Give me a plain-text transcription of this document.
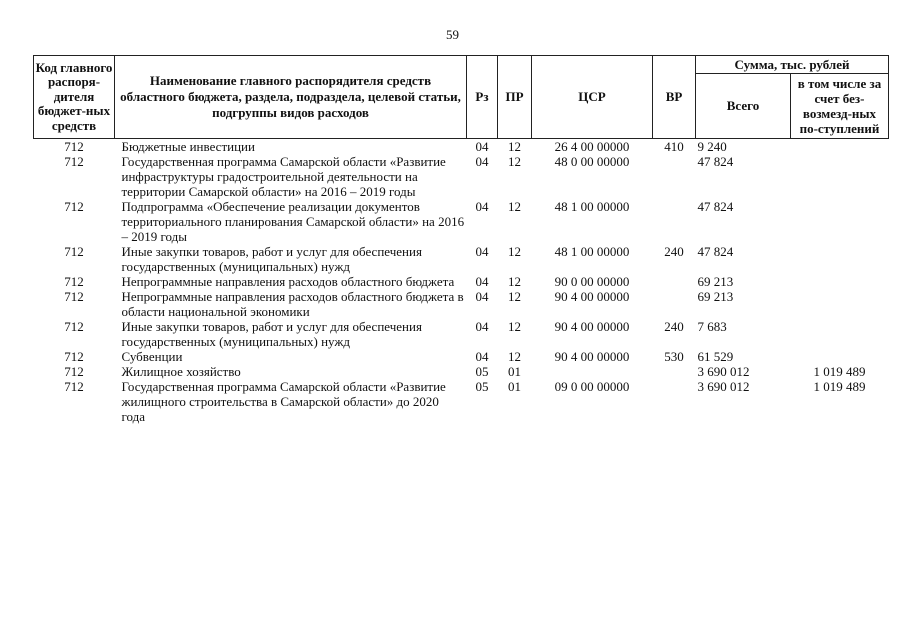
59
Код главного распоря-дителя бюджет-ных средств	Наименование главного распорядителя средств областного бюджета, раздела, подраздела, целевой статьи, подгруппы видов расходов	Рз	ПР	ЦСР	ВР	Сумма, тыс. рублей	
						Всего	в том числе за счет без-возмезд-ных по-ступлений
712	Бюджетные инвестиции	04	12	26 4 00 00000	410	9 240	
712	Государственная программа Самарской области «Развитие инфраструктуры градостроительной деятельности на территории Самарской области» на 2016 – 2019 годы	04	12	48 0 00 00000		47 824	
712	Подпрограмма «Обеспечение реализации документов территориального планирования Самарской области» на 2016 – 2019 годы	04	12	48 1 00 00000		47 824	
712	Иные закупки товаров, работ и услуг для обеспечения государственных (муниципальных) нужд	04	12	48 1 00 00000	240	47 824	
712	Непрограммные направления расходов областного бюджета	04	12	90 0 00 00000		69 213	
712	Непрограммные направления расходов областного бюджета в области национальной экономики	04	12	90 4 00 00000		69 213	
712	Иные закупки товаров, работ и услуг для обеспечения государственных (муниципальных) нужд	04	12	90 4 00 00000	240	7 683	
712	Субвенции	04	12	90 4 00 00000	530	61 529	
712	Жилищное хозяйство	05	01			3 690 012	1 019 489
712	Государственная программа Самарской области «Развитие жилищного строительства в Самарской области» до 2020 года	05	01	09 0 00 00000		3 690 012	1 019 489
